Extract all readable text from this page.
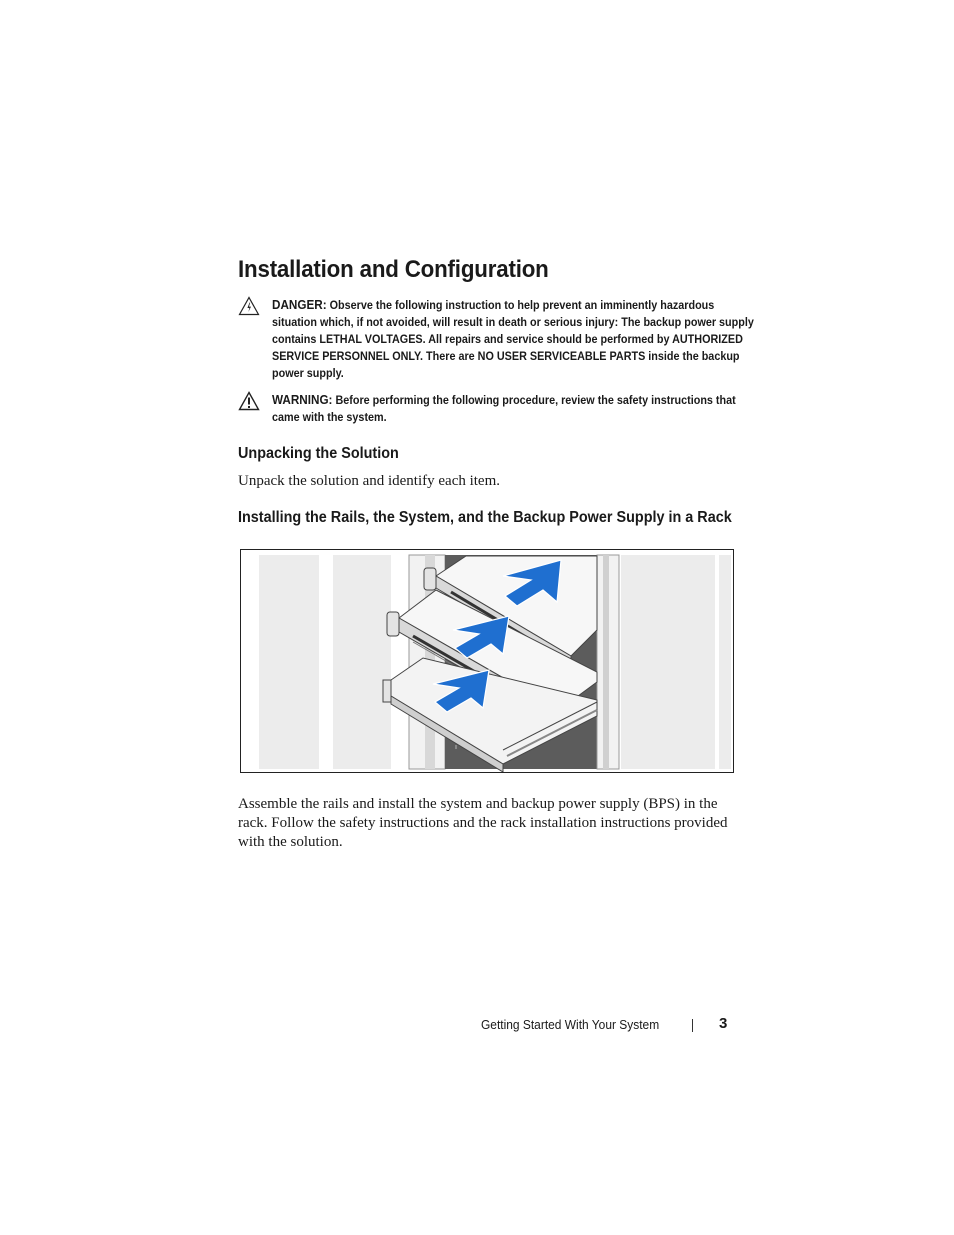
Installation and Configuration
DANGER: Observe the following instruction to help prevent an imminently hazardous situation which, if not avoided, will result in death or serious injury: The backup power supply contains LETHAL VOLTAGES. All repairs and service should be performed by AUTHORIZED SERVICE PERSONNEL ONLY. There are NO USER SERVICEABLE PARTS inside the backup power supply.
WARNING: Before performing the following procedure, review the safety instructions that came with the system.
Unpacking the Solution

Unpack the solution and identify each item.

Installing the Rails, the System, and the Backup Power Supply in a Rack

Assemble the rails and install the system and backup power supply (BPS) in the rack. Follow the safety instructions and the rack installation instructions provided with the solution.

Getting Started With Your System	3
